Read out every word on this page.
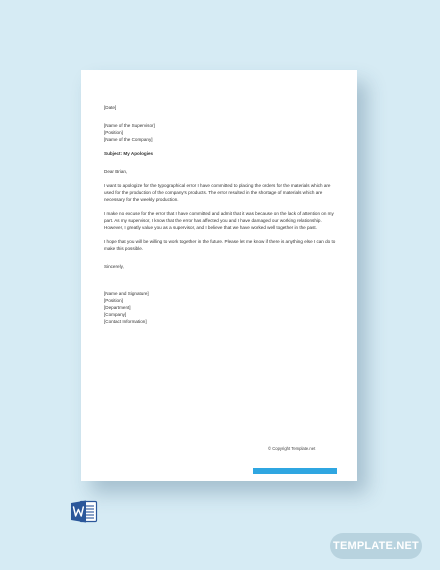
[Date]
[Name of the Supervisor]
[Position]
[Name of the Company]
Subject: My Apologies
Dear Brian,
I want to apologize for the typographical error I have committed to placing the orders for the materials which are used for the production of the company's products. The error resulted in the shortage of materials which are necessary for the weekly production.
I make no excuse for the error that I have committed and admit that it was because on the lack of attention on my part. As my supervisor, I know that the error has affected you and I have damaged our working relationship. However, I greatly value you as a supervisor, and I believe that we have worked well together in the past.
I hope that you will be willing to work together in the future. Please let me know if there is anything else I can do to make this possible.
Sincerely,
[Name and Signature]
[Position]
[Department]
[Company]
[Contact Information]
© Copyright Template.net
TEMPLATE.NET
